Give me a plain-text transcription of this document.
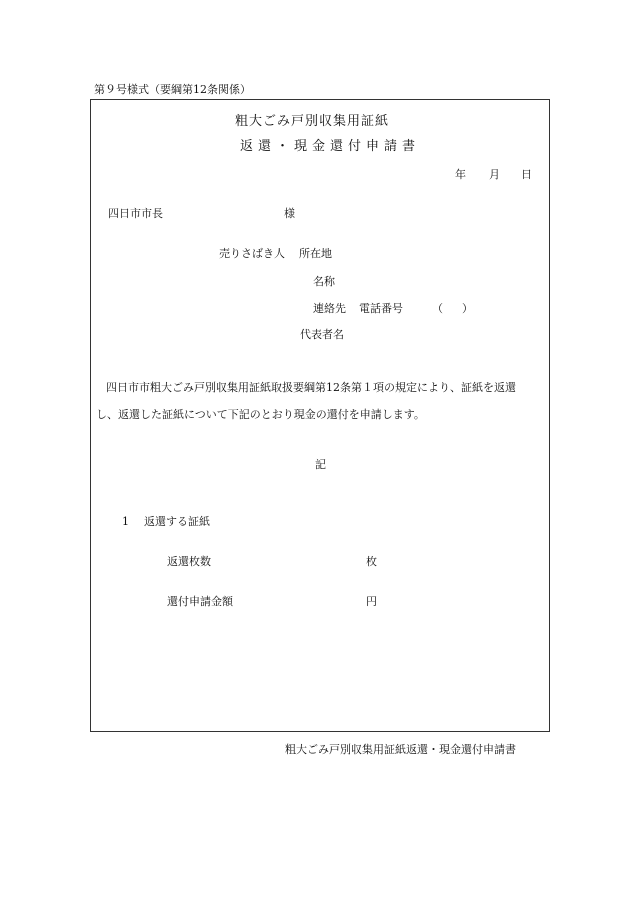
第９号様式（要綱第12条関係）
粗大ごみ戸別収集用証紙
返還・現金還付申請書
年 月 日
四日市市長	様
売りさばき人 所在地
名称
連絡先 電話番号	（ ）
代表者名
四日市市粗大ごみ戸別収集用証紙取扱要綱第12条第１項の規定により、証紙を返還
し、返還した証紙について下記のとおり現金の還付を申請します。
記
1 返還する証紙
返還枚数	枚
還付申請金額	円
粗大ごみ戸別収集用証紙返還・現金還付申請書
